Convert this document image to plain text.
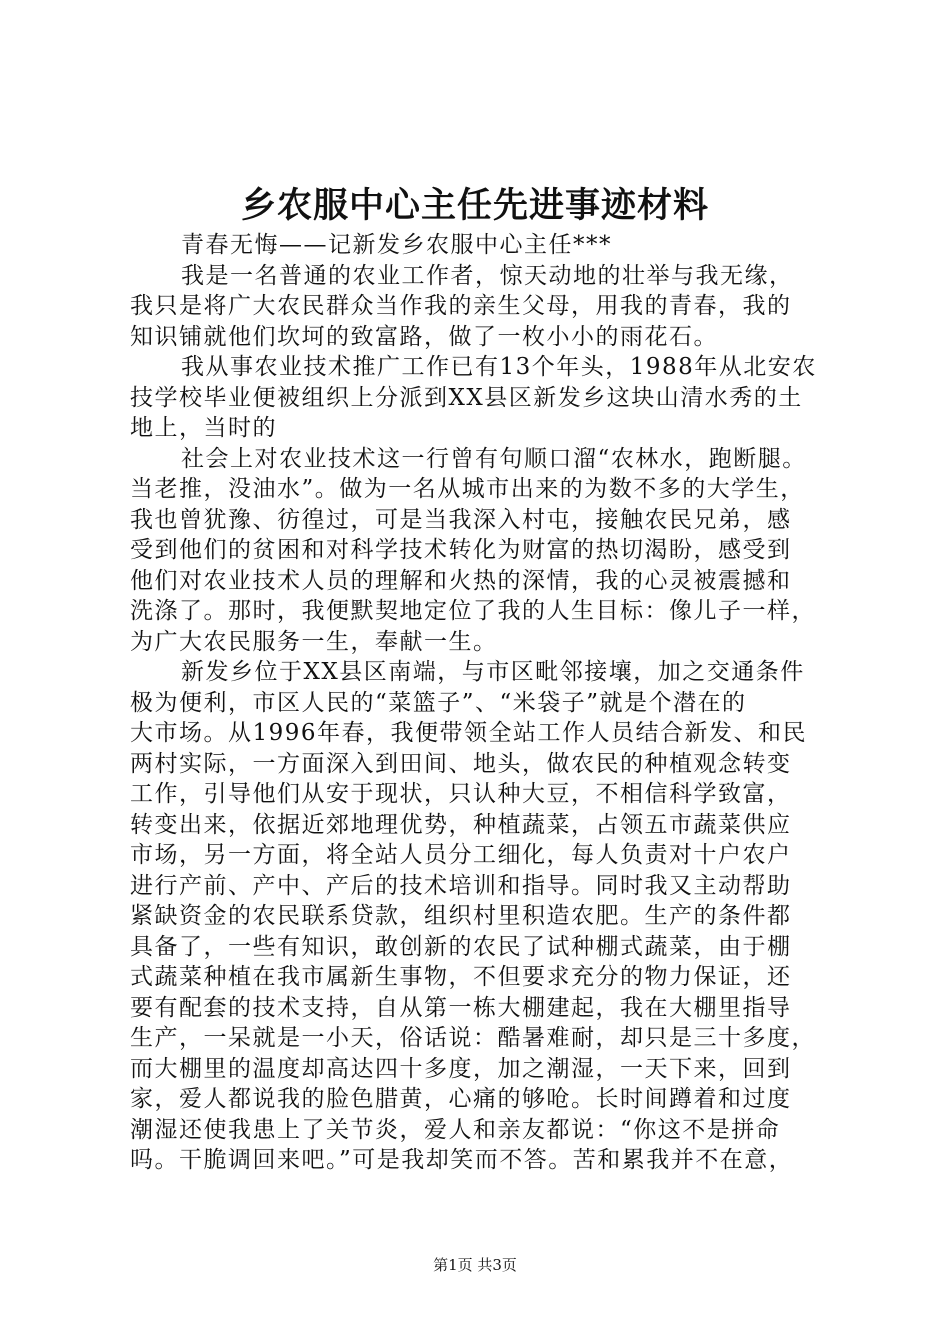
乡农服中心主任先进事迹材料
青春无悔——记新发乡农服中心主任***
我是一名普通的农业工作者，惊天动地的壮举与我无缘，
我只是将广大农民群众当作我的亲生父母，用我的青春，我的
知识铺就他们坎坷的致富路，做了一枚小小的雨花石。
我从事农业技术推广工作已有13个年头，1988年从北安农
技学校毕业便被组织上分派到XX县区新发乡这块山清水秀的土
地上，当时的
社会上对农业技术这一行曾有句顺口溜“农林水，跑断腿。
当老推，没油水”。做为一名从城市出来的为数不多的大学生，
我也曾犹豫、彷徨过，可是当我深入村屯，接触农民兄弟，感
受到他们的贫困和对科学技术转化为财富的热切渴盼，感受到
他们对农业技术人员的理解和火热的深情，我的心灵被震撼和
洗涤了。那时，我便默契地定位了我的人生目标：像儿子一样，
为广大农民服务一生，奉献一生。
新发乡位于XX县区南端，与市区毗邻接壤，加之交通条件
极为便利，市区人民的“菜篮子”、“米袋子”就是个潜在的
大市场。从1996年春，我便带领全站工作人员结合新发、和民
两村实际，一方面深入到田间、地头，做农民的种植观念转变
工作，引导他们从安于现状，只认种大豆，不相信科学致富，
转变出来，依据近郊地理优势，种植蔬菜，占领五市蔬菜供应
市场，另一方面，将全站人员分工细化，每人负责对十户农户
进行产前、产中、产后的技术培训和指导。同时我又主动帮助
紧缺资金的农民联系贷款，组织村里积造农肥。生产的条件都
具备了，一些有知识，敢创新的农民了试种棚式蔬菜，由于棚
式蔬菜种植在我市属新生事物，不但要求充分的物力保证，还
要有配套的技术支持，自从第一栋大棚建起，我在大棚里指导
生产，一呆就是一小天，俗话说：酷暑难耐，却只是三十多度，
而大棚里的温度却高达四十多度，加之潮湿，一天下来，回到
家，爱人都说我的脸色腊黄，心痛的够呛。长时间蹲着和过度
潮湿还使我患上了关节炎，爱人和亲友都说：“你这不是拼命
吗。干脆调回来吧。”可是我却笑而不答。苦和累我并不在意，
第1页 共3页
